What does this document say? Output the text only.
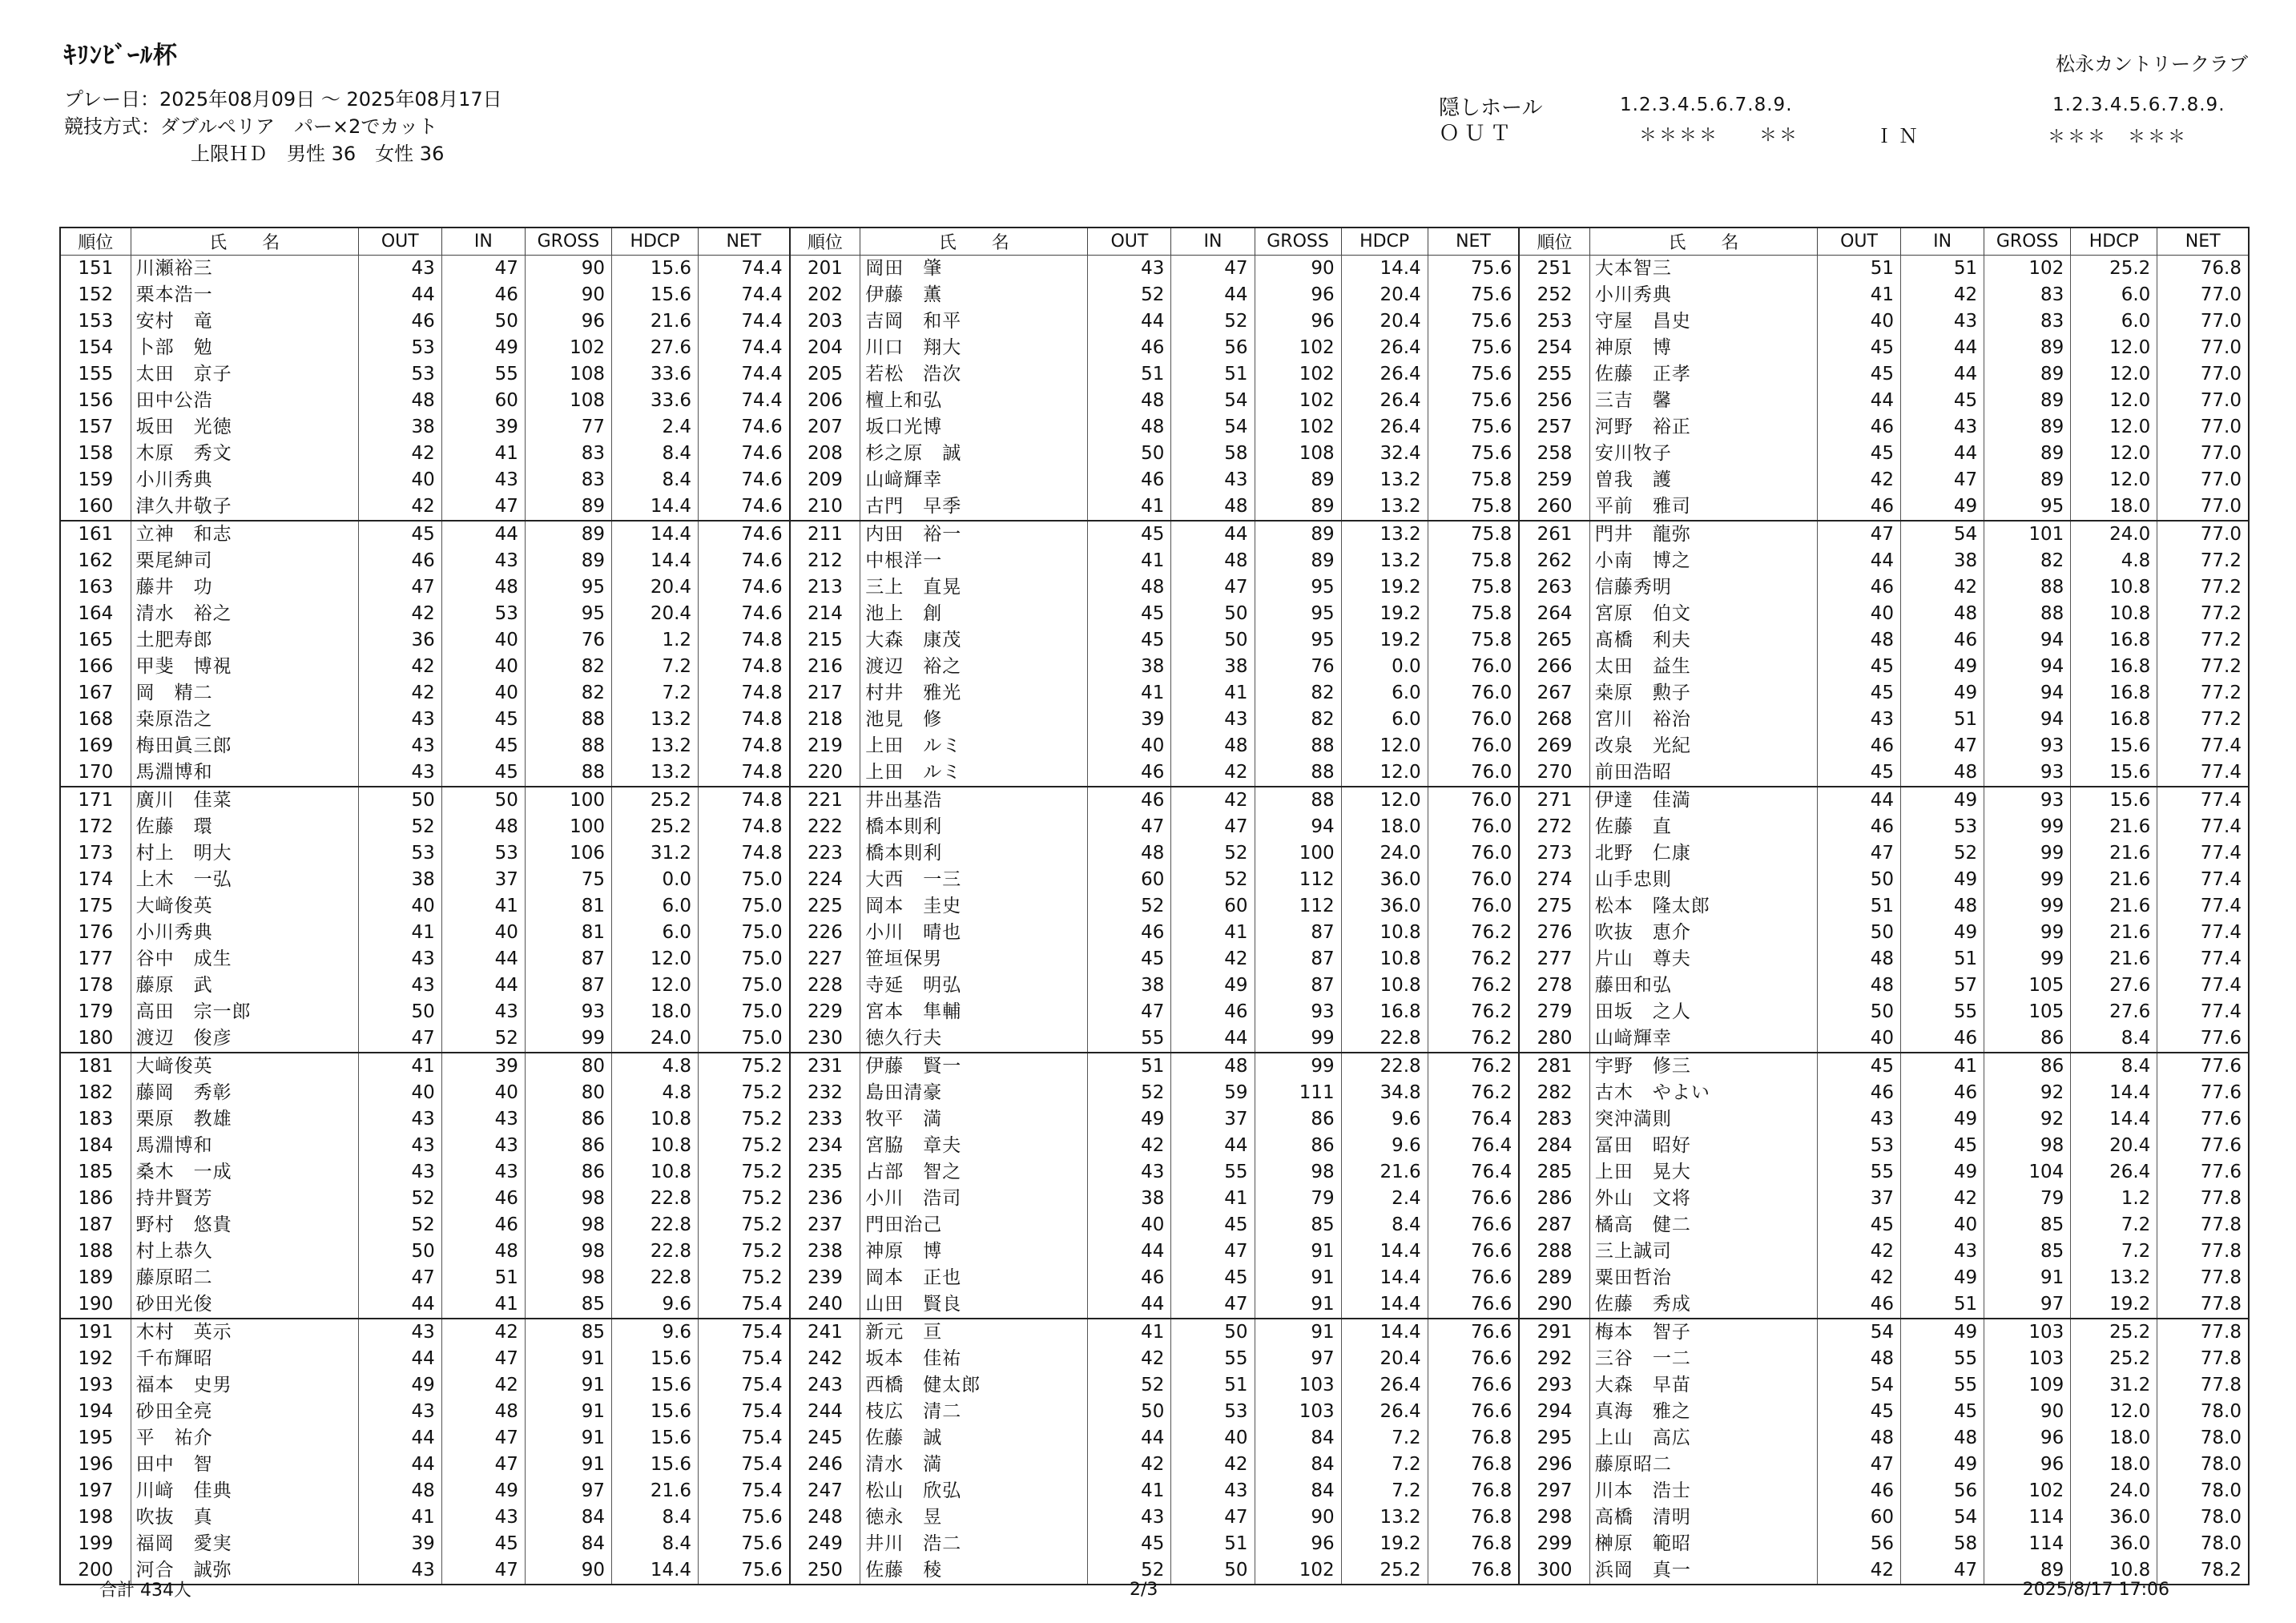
ｷﾘﾝﾋﾞｰﾙ杯	松永カントリークラブ
プレー日：2025年08月09日 ～ 2025年08月17日
競技方式：ダブルペリア　パー×2でカット
上限ＨＤ　男性 36　女性 36
隠しホール
ＯＵＴ
1.2.3.4.5.6.7.8.9.
＊＊＊＊　　＊＊	ＩＮ
1.2.3.4.5.6.7.8.9.
＊＊＊　＊＊＊
順位	氏　　名	OUT	IN	GROSS	HDCP	NET	順位	氏　　名	OUT	IN	GROSS	HDCP	NET	順位	氏　　名	OUT	IN	GROSS	HDCP	NET
151	川瀬裕三	43	47	90	15.6	74.4	201	岡田　肇	43	47	90	14.4	75.6	251	大本智三	51	51	102	25.2	76.8
152	栗本浩一	44	46	90	15.6	74.4	202	伊藤　薫	52	44	96	20.4	75.6	252	小川秀典	41	42	83	6.0	77.0
153	安村　竜	46	50	96	21.6	74.4	203	吉岡　和平	44	52	96	20.4	75.6	253	守屋　昌史	40	43	83	6.0	77.0
154	卜部　勉	53	49	102	27.6	74.4	204	川口　翔大	46	56	102	26.4	75.6	254	神原　博	45	44	89	12.0	77.0
155	太田　京子	53	55	108	33.6	74.4	205	若松　浩次	51	51	102	26.4	75.6	255	佐藤　正孝	45	44	89	12.0	77.0
156	田中公浩	48	60	108	33.6	74.4	206	檀上和弘	48	54	102	26.4	75.6	256	三吉　馨	44	45	89	12.0	77.0
157	坂田　光徳	38	39	77	2.4	74.6	207	坂口光博	48	54	102	26.4	75.6	257	河野　裕正	46	43	89	12.0	77.0
158	木原　秀文	42	41	83	8.4	74.6	208	杉之原　誠	50	58	108	32.4	75.6	258	安川牧子	45	44	89	12.0	77.0
159	小川秀典	40	43	83	8.4	74.6	209	山﨑輝幸	46	43	89	13.2	75.8	259	曽我　護	42	47	89	12.0	77.0
160	津久井敬子	42	47	89	14.4	74.6	210	古門　早季	41	48	89	13.2	75.8	260	平前　雅司	46	49	95	18.0	77.0
161	立神　和志	45	44	89	14.4	74.6	211	内田　裕一	45	44	89	13.2	75.8	261	門井　龍弥	47	54	101	24.0	77.0
162	栗尾紳司	46	43	89	14.4	74.6	212	中根洋一	41	48	89	13.2	75.8	262	小南　博之	44	38	82	4.8	77.2
163	藤井　功	47	48	95	20.4	74.6	213	三上　直晃	48	47	95	19.2	75.8	263	信藤秀明	46	42	88	10.8	77.2
164	清水　裕之	42	53	95	20.4	74.6	214	池上　創	45	50	95	19.2	75.8	264	宮原　伯文	40	48	88	10.8	77.2
165	土肥寿郎	36	40	76	1.2	74.8	215	大森　康茂	45	50	95	19.2	75.8	265	髙橋　利夫	48	46	94	16.8	77.2
166	甲斐　博視	42	40	82	7.2	74.8	216	渡辺　裕之	38	38	76	0.0	76.0	266	太田　益生	45	49	94	16.8	77.2
167	岡　精二	42	40	82	7.2	74.8	217	村井　雅光	41	41	82	6.0	76.0	267	桒原　勲子	45	49	94	16.8	77.2
168	桒原浩之	43	45	88	13.2	74.8	218	池見　修	39	43	82	6.0	76.0	268	宮川　裕治	43	51	94	16.8	77.2
169	梅田眞三郎	43	45	88	13.2	74.8	219	上田　ルミ	40	48	88	12.0	76.0	269	改泉　光紀	46	47	93	15.6	77.4
170	馬淵博和	43	45	88	13.2	74.8	220	上田　ルミ	46	42	88	12.0	76.0	270	前田浩昭	45	48	93	15.6	77.4
171	廣川　佳菜	50	50	100	25.2	74.8	221	井出基浩	46	42	88	12.0	76.0	271	伊達　佳満	44	49	93	15.6	77.4
172	佐藤　環	52	48	100	25.2	74.8	222	橋本則利	47	47	94	18.0	76.0	272	佐藤　直	46	53	99	21.6	77.4
173	村上　明大	53	53	106	31.2	74.8	223	橋本則利	48	52	100	24.0	76.0	273	北野　仁康	47	52	99	21.6	77.4
174	上木　一弘	38	37	75	0.0	75.0	224	大西　一三	60	52	112	36.0	76.0	274	山手忠則	50	49	99	21.6	77.4
175	大﨑俊英	40	41	81	6.0	75.0	225	岡本　圭史	52	60	112	36.0	76.0	275	松本　隆太郎	51	48	99	21.6	77.4
176	小川秀典	41	40	81	6.0	75.0	226	小川　晴也	46	41	87	10.8	76.2	276	吹抜　恵介	50	49	99	21.6	77.4
177	谷中　成生	43	44	87	12.0	75.0	227	笹垣保男	45	42	87	10.8	76.2	277	片山　尊夫	48	51	99	21.6	77.4
178	藤原　武	43	44	87	12.0	75.0	228	寺延　明弘	38	49	87	10.8	76.2	278	藤田和弘	48	57	105	27.6	77.4
179	高田　宗一郎	50	43	93	18.0	75.0	229	宮本　隼輔	47	46	93	16.8	76.2	279	田坂　之人	50	55	105	27.6	77.4
180	渡辺　俊彦	47	52	99	24.0	75.0	230	徳久行夫	55	44	99	22.8	76.2	280	山﨑輝幸	40	46	86	8.4	77.6
181	大﨑俊英	41	39	80	4.8	75.2	231	伊藤　賢一	51	48	99	22.8	76.2	281	宇野　修三	45	41	86	8.4	77.6
182	藤岡　秀彰	40	40	80	4.8	75.2	232	島田清豪	52	59	111	34.8	76.2	282	古木　やよい	46	46	92	14.4	77.6
183	栗原　教雄	43	43	86	10.8	75.2	233	牧平　満	49	37	86	9.6	76.4	283	突沖満則	43	49	92	14.4	77.6
184	馬淵博和	43	43	86	10.8	75.2	234	宮脇　章夫	42	44	86	9.6	76.4	284	冨田　昭好	53	45	98	20.4	77.6
185	桑木　一成	43	43	86	10.8	75.2	235	占部　智之	43	55	98	21.6	76.4	285	上田　晃大	55	49	104	26.4	77.6
186	持井賢芳	52	46	98	22.8	75.2	236	小川　浩司	38	41	79	2.4	76.6	286	外山　文将	37	42	79	1.2	77.8
187	野村　悠貴	52	46	98	22.8	75.2	237	門田治己	40	45	85	8.4	76.6	287	橘高　健二	45	40	85	7.2	77.8
188	村上恭久	50	48	98	22.8	75.2	238	神原　博	44	47	91	14.4	76.6	288	三上誠司	42	43	85	7.2	77.8
189	藤原昭二	47	51	98	22.8	75.2	239	岡本　正也	46	45	91	14.4	76.6	289	粟田哲治	42	49	91	13.2	77.8
190	砂田光俊	44	41	85	9.6	75.4	240	山田　賢良	44	47	91	14.4	76.6	290	佐藤　秀成	46	51	97	19.2	77.8
191	木村　英示	43	42	85	9.6	75.4	241	新元　亘	41	50	91	14.4	76.6	291	梅本　智子	54	49	103	25.2	77.8
192	千布輝昭	44	47	91	15.6	75.4	242	坂本　佳祐	42	55	97	20.4	76.6	292	三谷　一二	48	55	103	25.2	77.8
193	福本　史男	49	42	91	15.6	75.4	243	西橋　健太郎	52	51	103	26.4	76.6	293	大森　早苗	54	55	109	31.2	77.8
194	砂田全亮	43	48	91	15.6	75.4	244	枝広　清二	50	53	103	26.4	76.6	294	真海　雅之	45	45	90	12.0	78.0
195	平　祐介	44	47	91	15.6	75.4	245	佐藤　誠	44	40	84	7.2	76.8	295	上山　高広	48	48	96	18.0	78.0
196	田中　智	44	47	91	15.6	75.4	246	清水　満	42	42	84	7.2	76.8	296	藤原昭二	47	49	96	18.0	78.0
197	川﨑　佳典	48	49	97	21.6	75.4	247	松山　欣弘	41	43	84	7.2	76.8	297	川本　浩士	46	56	102	24.0	78.0
198	吹抜　真	41	43	84	8.4	75.6	248	徳永　昱	43	47	90	13.2	76.8	298	高橋　清明	60	54	114	36.0	78.0
199	福岡　愛実	39	45	84	8.4	75.6	249	井川　浩二	45	51	96	19.2	76.8	299	榊原　範昭	56	58	114	36.0	78.0
200	河合　誠弥	43	47	90	14.4	75.6	250	佐藤　稜	52	50	102	25.2	76.8	300	浜岡　真一	42	47	89	10.8	78.2
合計 434人	2/3	2025/8/17 17:06
